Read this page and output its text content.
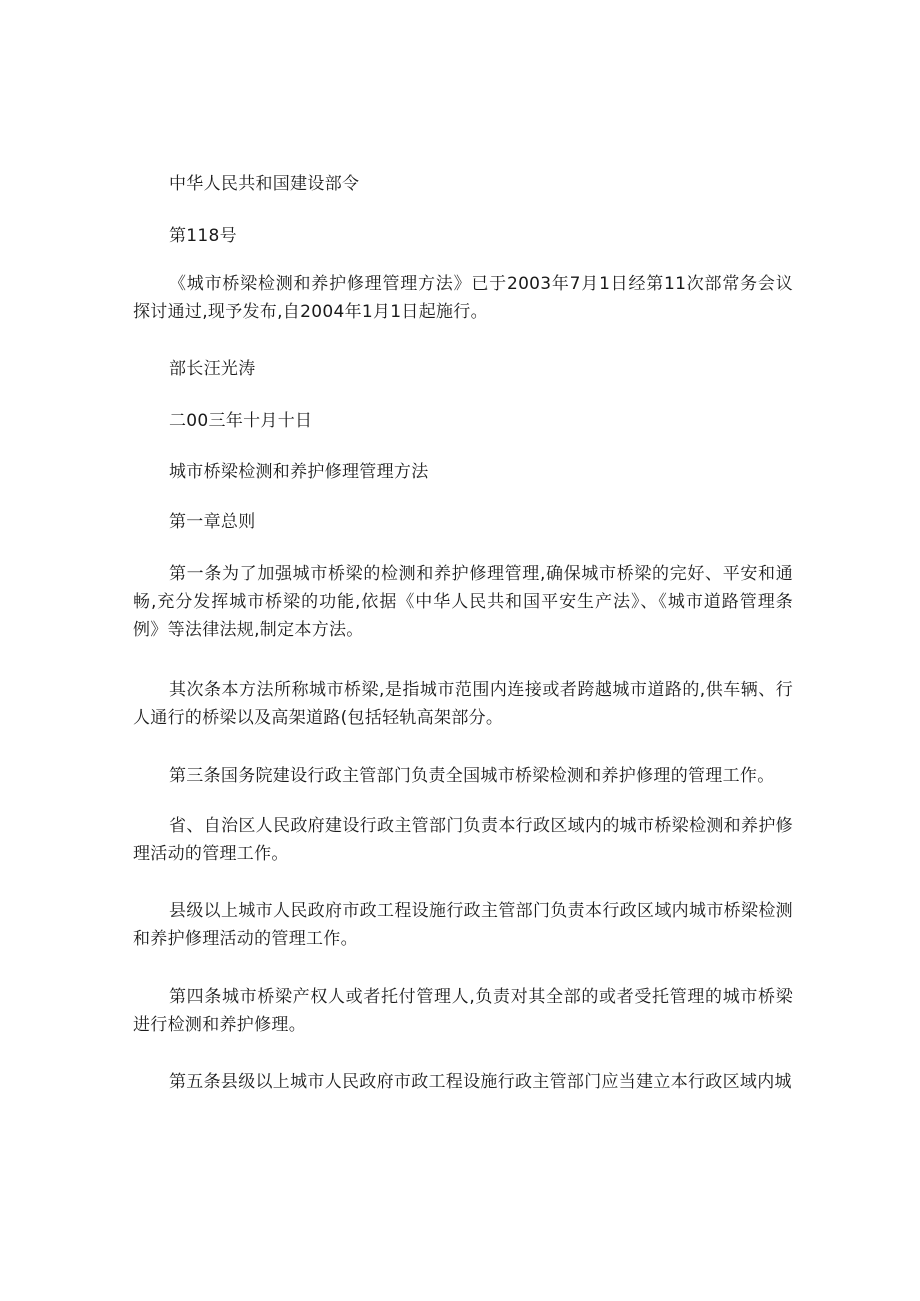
中华人民共和国建设部令

第118号

《城市桥梁检测和养护修理管理方法》已于2003年7月1日经第11次部常务会议探讨通过,现予发布,自2004年1月1日起施行。

部长汪光涛

二00三年十月十日

城市桥梁检测和养护修理管理方法

第一章总则

第一条为了加强城市桥梁的检测和养护修理管理,确保城市桥梁的完好、平安和通畅,充分发挥城市桥梁的功能,依据《中华人民共和国平安生产法》、《城市道路管理条例》等法律法规,制定本方法。

其次条本方法所称城市桥梁,是指城市范围内连接或者跨越城市道路的,供车辆、行人通行的桥梁以及高架道路(包括轻轨高架部分。

第三条国务院建设行政主管部门负责全国城市桥梁检测和养护修理的管理工作。

省、自治区人民政府建设行政主管部门负责本行政区域内的城市桥梁检测和养护修理活动的管理工作。

县级以上城市人民政府市政工程设施行政主管部门负责本行政区域内城市桥梁检测和养护修理活动的管理工作。

第四条城市桥梁产权人或者托付管理人,负责对其全部的或者受托管理的城市桥梁进行检测和养护修理。

第五条县级以上城市人民政府市政工程设施行政主管部门应当建立本行政区域内城
